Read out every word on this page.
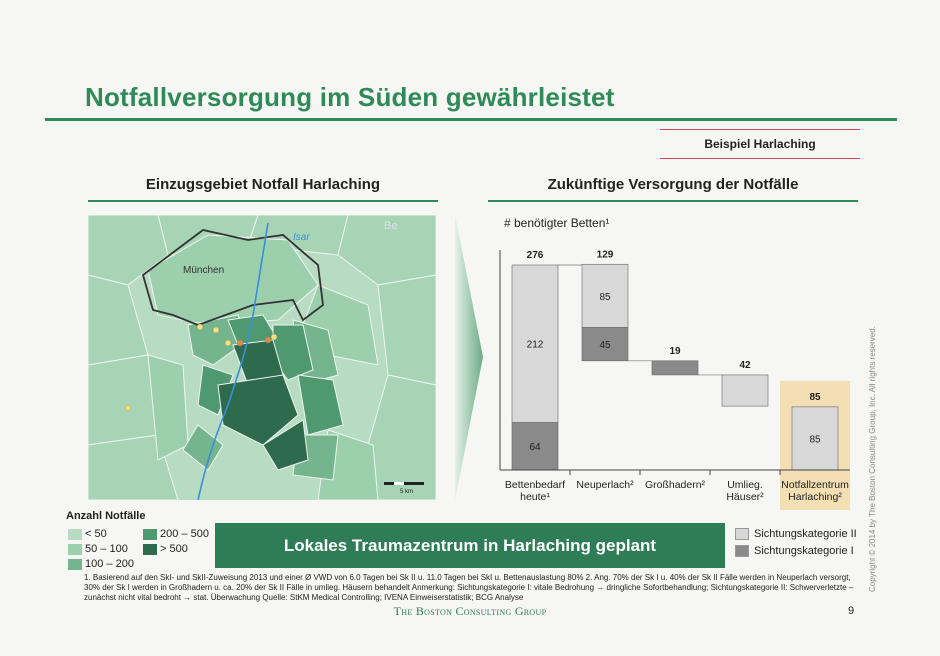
Notfallversorgung im Süden gewährleistet
Beispiel Harlaching
Einzugsgebiet Notfall Harlaching	Zukünftige Versorgung der Notfälle
München
Isar
Be
5 km
# benötigter Betten¹
64
212
276
Bettenbedarf
heute¹
45
85
129
Neuperlach²
19
Großhadern²
42
Umlieg.
Häuser²
85
85
Notfallzentrum
Harlaching²
Anzahl Notfälle
< 50	200 – 500
50 – 100	> 500
100 – 200
Lokales Traumazentrum in Harlaching geplant
Sichtungskategorie II
Sichtungskategorie I
1. Basierend auf den SkI- und SkII-Zuweisung 2013 und einer Ø VWD von 6.0 Tagen bei Sk II u. 11.0 Tagen bei SkI u. Bettenauslastung 80% 2. Ang. 70% der Sk I u. 40% der Sk II Fälle werden in Neuperlach versorgt, 30% der Sk I werden in Großhadern u. ca. 20% der Sk II Fälle in umlieg. Häusern behandelt Anmerkung: Sichtungskategorie I: vitale Bedrohung → dringliche Sofortbehandlung; Sichtungskategorie II: Schwerverletzte – zunächst nicht vital bedroht → stat. Überwachung Quelle: StKM Medical Controlling; IVENA Einweiserstatistik; BCG Analyse
The Boston Consulting Group	9
Copyright © 2014 by The Boston Consulting Group, Inc. All rights reserved.
